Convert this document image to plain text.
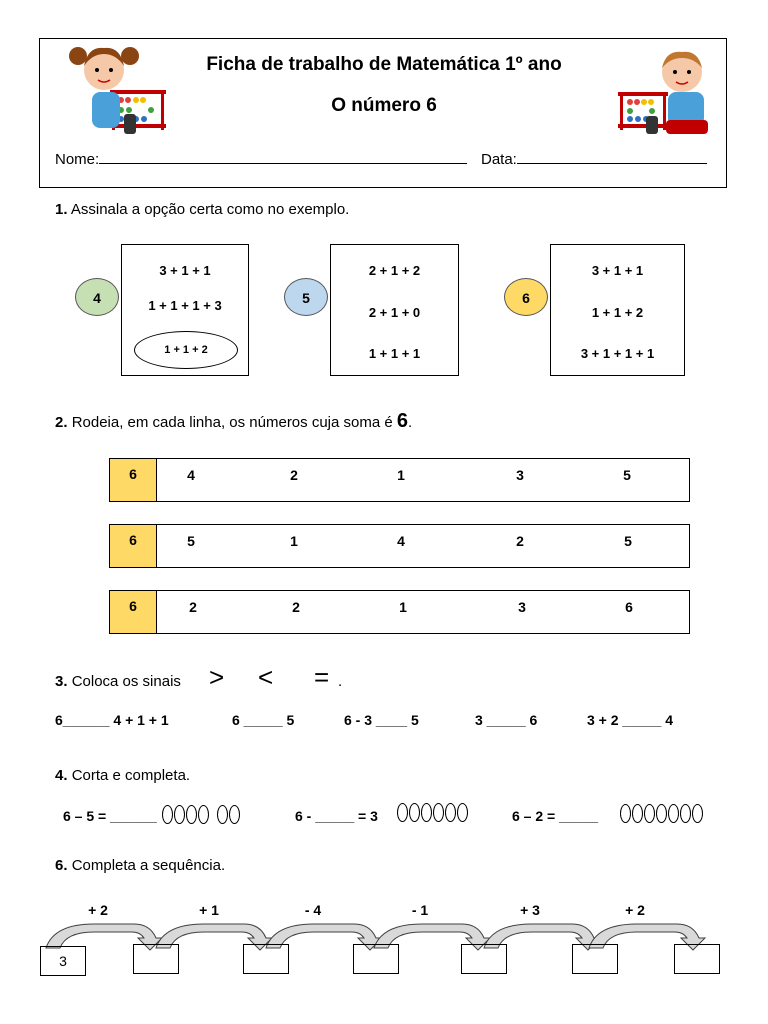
Ficha de trabalho de Matemática 1º ano
O número 6
Nome:	Data:
1. Assinala a opção certa como no exemplo.
4
3 + 1 + 1
1 + 1 + 1 + 3
1 + 1 + 2
5
2 + 1 + 2
2 + 1 + 0
1 + 1 + 1
6
3 + 1 + 1
1 + 1 + 2
3 + 1 + 1 + 1
2. Rodeia, em cada linha, os números cuja soma é 6.
6	4	2	1	3	5
6	5	1	4	2	5
6	2	2	1	3	6
3. Coloca os sinais > < = .
6______ 4 + 1 + 1	6 _____ 5	6 - 3 ____ 5	3 _____ 6	3 + 2 _____ 4
4. Corta e completa.
6 – 5 = ______	6 - _____ = 3	6 – 2 = _____
6. Completa a sequência.
+ 2	+ 1	- 4	- 1	+ 3	+ 2
3
